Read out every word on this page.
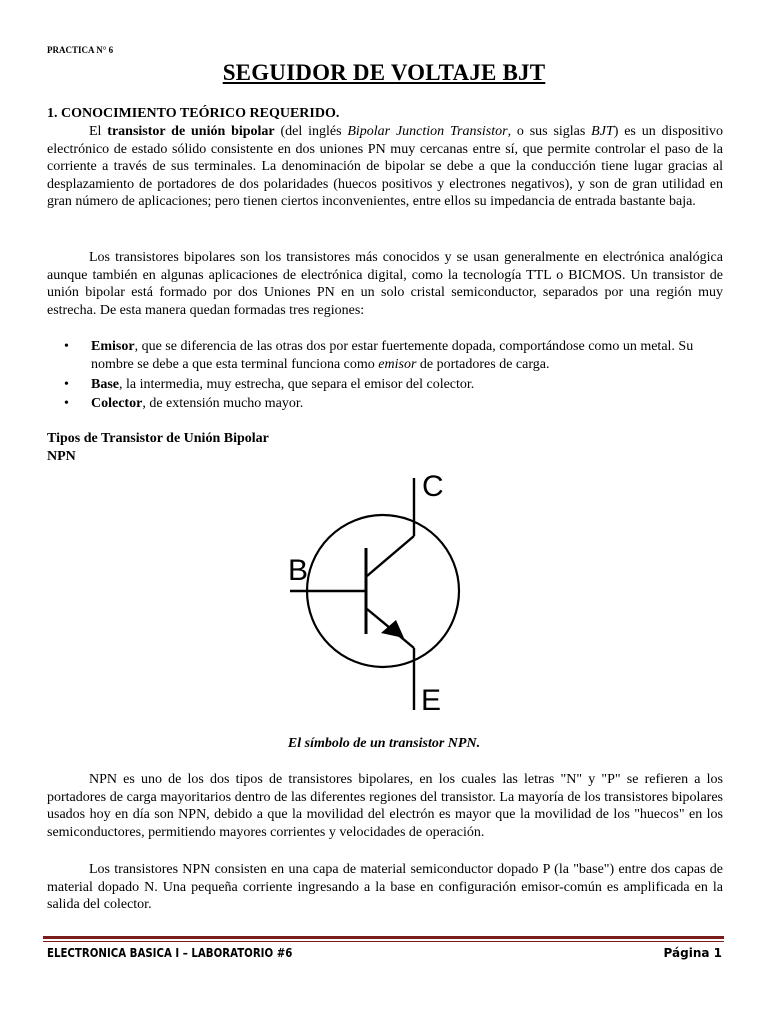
PRACTICA N° 6
SEGUIDOR DE VOLTAJE BJT
1. CONOCIMIENTO TEÓRICO REQUERIDO.

El transistor de unión bipolar (del inglés Bipolar Junction Transistor, o sus siglas BJT) es un dispositivo electrónico de estado sólido consistente en dos uniones PN muy cercanas entre sí, que permite controlar el paso de la corriente a través de sus terminales. La denominación de bipolar se debe a que la conducción tiene lugar gracias al desplazamiento de portadores de dos polaridades (huecos positivos y electrones negativos), y son de gran utilidad en gran número de aplicaciones; pero tienen ciertos inconvenientes, entre ellos su impedancia de entrada bastante baja.

Los transistores bipolares son los transistores más conocidos y se usan generalmente en electrónica analógica aunque también en algunas aplicaciones de electrónica digital, como la tecnología TTL o BICMOS. Un transistor de unión bipolar está formado por dos Uniones PN en un solo cristal semiconductor, separados por una región muy estrecha. De esta manera quedan formadas tres regiones:

• Emisor, que se diferencia de las otras dos por estar fuertemente dopada, comportándose como un metal. Su nombre se debe a que esta terminal funciona como emisor de portadores de carga.
• Base, la intermedia, muy estrecha, que separa el emisor del colector.
• Colector, de extensión mucho mayor.
Tipos de Transistor de Unión Bipolar
NPN
C
B
E
El símbolo de un transistor NPN.

NPN es uno de los dos tipos de transistores bipolares, en los cuales las letras "N" y "P" se refieren a los portadores de carga mayoritarios dentro de las diferentes regiones del transistor. La mayoría de los transistores bipolares usados hoy en día son NPN, debido a que la movilidad del electrón es mayor que la movilidad de los "huecos" en los semiconductores, permitiendo mayores corrientes y velocidades de operación.

Los transistores NPN consisten en una capa de material semiconductor dopado P (la "base") entre dos capas de material dopado N. Una pequeña corriente ingresando a la base en configuración emisor-común es amplificada en la salida del colector.

ELECTRONICA BASICA I – LABORATORIO #6	Página 1
